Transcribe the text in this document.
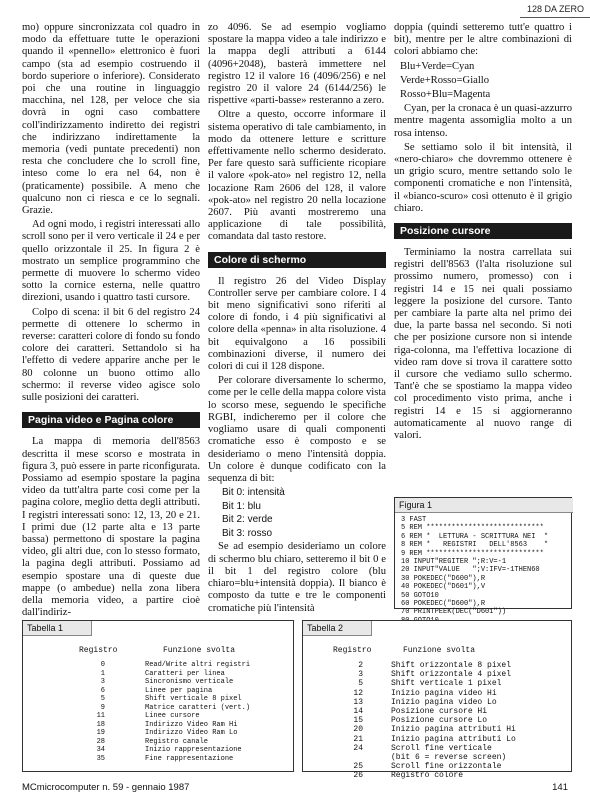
128 DA ZERO

mo) oppure sincronizzata col quadro in modo da effettuare tutte le operazioni quando il «pennello» elettronico è fuori campo (sta ad esempio costruendo il bordo superiore o inferiore). Considerato poi che una routine in linguaggio macchina, nel 128, per veloce che sia dovrà in ogni caso combattere coll'indirizzamento indiretto dei registri che indirizzano indirettamente la memoria (vedi puntate precedenti) non resta che concludere che lo scroll fine, inteso come lo era nel 64, non è (praticamente) possibile. A meno che qualcuno non ci riesca e ce lo segnali. Grazie.

Ad ogni modo, i registri interessati allo scroll sono per il vero verticale il 24 e per quello orizzontale il 25. In figura 2 è mostrato un semplice programmino che permette di muovere lo schermo video sotto la cornice esterna, nelle quattro direzioni, usando i quattro tasti cursore.

Colpo di scena: il bit 6 del registro 24 permette di ottenere lo schermo in reverse: caratteri colore di fondo su fondo colore dei caratteri. Settandolo si ha l'effetto di vedere apparire anche per le 80 colonne un buono ottimo allo schermo: il reverse video agisce solo sulle posizioni dei caratteri.

Pagina video e Pagina colore

La mappa di memoria dell'8563 descritta il mese scorso e mostrata in figura 3, può essere in parte riconfigurata. Possiamo ad esempio spostare la pagina video da tutt'altra parte così come per la pagina colore, meglio detta degli attributi. I registri interessati sono: 12, 13, 20 e 21. I primi due (12 parte alta e 13 parte bassa) permettono di spostare la pagina video, gli altri due, con lo stesso formato, la pagina degli attributi. Possiamo ad esempio spostare una di queste due mappe (o ambedue) nella zona libera della memoria video, a partire cioè dall'indiriz-

zo 4096. Se ad esempio vogliamo spostare la mappa video a tale indirizzo e la mappa degli attributi a 6144 (4096+2048), basterà immettere nel registro 12 il valore 16 (4096/256) e nel registro 20 il valore 24 (6144/256) le rispettive «parti-basse» resteranno a zero.

Oltre a questo, occorre informare il sistema operativo di tale cambiamento, in modo da ottenere letture e scritture effettivamente nello schermo desiderato. Per fare questo sarà sufficiente ricopiare il valore «pok-ato» nel registro 12, nella locazione Ram 2606 del 128, il valore «pok-ato» nel registro 20 nella locazione 2607. Più avanti mostreremo una applicazione di tale possibilità, comandata dal tasto restore.

Colore di schermo

Il registro 26 del Video Display Controller serve per cambiare colore. I 4 bit meno significativi sono riferiti al colore di fondo, i 4 più significativi al colore della «penna» in alta risoluzione. 4 bit equivalgono a 16 possibili combinazioni diverse, il numero dei colori di cui il 128 dispone.

Per colorare diversamente lo schermo, come per le celle della mappa colore vista lo scorso mese, seguendo le specifiche RGBI, indicheremo per il colore che vogliamo usare di quali componenti cromatiche esso è composto e se desideriamo o meno l'intensità doppia. Un colore è dunque codificato con la sequenza di bit:

Bit 0: intensità
Bit 1: blu
Bit 2: verde
Bit 3: rosso

Se ad esempio desideriamo un colore di schermo blu chiaro, setteremo il bit 0 e il bit 1 del registro colore (blu chiaro=blu+intensità doppia). Il bianco è composto da tutte e tre le componenti cromatiche più l'intensità

doppia (quindi setteremo tutt'e quattro i bit), mentre per le altre combinazioni di colori abbiamo che:

Blu+Verde=Cyan

Verde+Rosso=Giallo

Rosso+Blu=Magenta

Cyan, per la cronaca è un quasi-azzurro mentre magenta assomiglia molto a un rosa intenso.

Se settiamo solo il bit intensità, il «nero-chiaro» che dovremmo ottenere è un grigio scuro, mentre settando solo le componenti cromatiche e non l'intensità, il «bianco-scuro» così ottenuto è il grigio chiaro.

Posizione cursore

Terminiamo la nostra carrellata sui registri dell'8563 (l'alta risoluzione sul prossimo numero, promesso) con i registri 14 e 15 nei quali possiamo leggere la posizione del cursore. Tanto per cambiare la parte alta nel primo dei due, la parte bassa nel secondo. Si noti che per posizione cursore non si intende riga-colonna, ma l'effettiva locazione di video ram dove si trova il carattere sotto il cursore che vediamo sullo schermo. Tant'è che se spostiamo la mappa video col procedimento visto prima, anche i registri 14 e 15 si aggiorneranno automaticamente al nuovo range di valori.

Figura 1
3 FAST
5 REM ****************************
6 REM *  LETTURA - SCRITTURA NEI  *
8 REM *   REGISTRI   DELL'8563    *
9 REM ****************************
10 INPUT"REGITER ";R:V=-1
20 INPUT"VALUE   ";V:IFV=-1THEN60
30 POKEDEC("D600"),R
40 POKEDEC("D601"),V
50 GOTO10
60 POKEDEC("D600"),R
70 PRINTPEEK(DEC("D601"))

Tabella 1
Registro	Funzione svolta
0	Read/Write altri registri
1	Caratteri per linea
3	Sincronismo verticale
6	Linee per pagina
5	Shift verticale 8 pixel
9	Matrice caratteri (vert.)
11	Linee cursore
18	Indirizzo Video Ram Hi
19	Indirizzo Video Ram Lo
28	Registro canale
34	Inizio rappresentazione
35	Fine rappresentazione
Tabella 2
Registro	Funzione svolta
2	Shift orizzontale 8 pixel
3	Shift orizzontale 4 pixel
5	Shift verticale 1 pixel
12	Inizio pagina video Hi
13	Inizio pagina video Lo
14	Posizione cursore Hi
15	Posizione cursore Lo
20	Inizio pagina attributi Hi
21	Inizio pagina attributi Lo
24	Scroll fine verticale
(bit 6 = reverse screen)
25	Scroll fine orizzontale
26	Registro colore
MCmicrocomputer n. 59 - gennaio 1987	141
